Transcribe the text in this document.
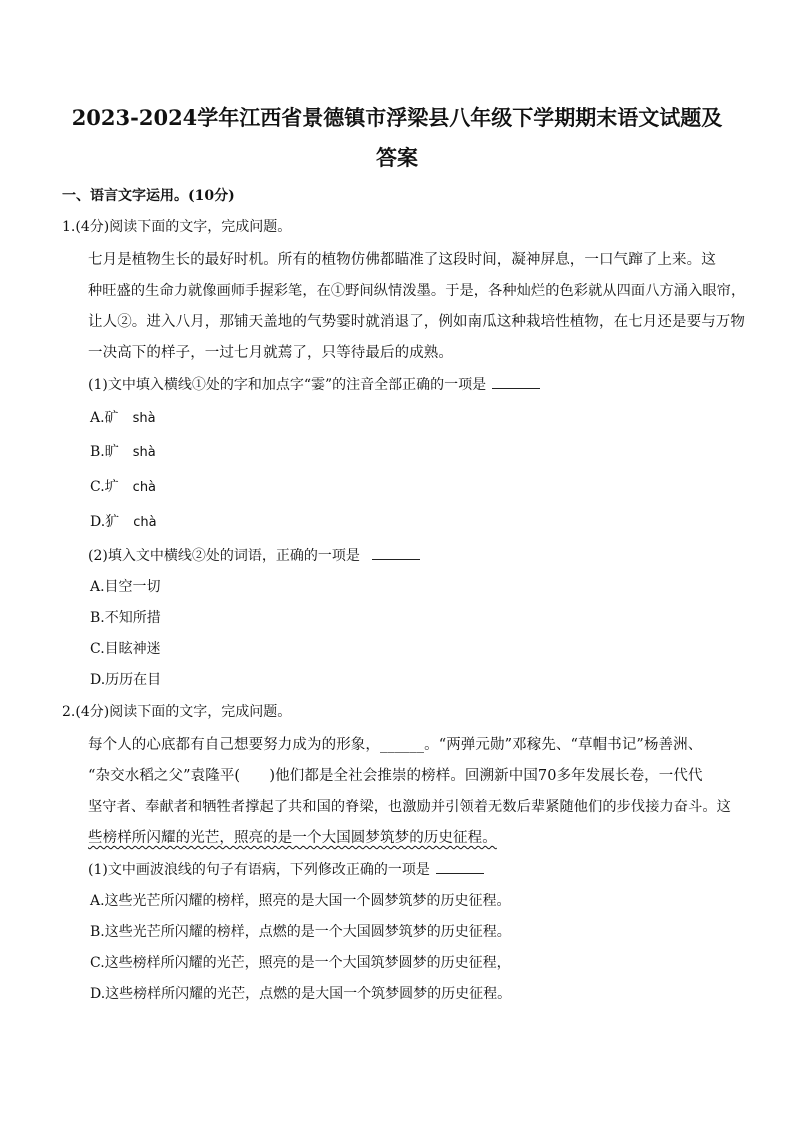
2023-2024学年江西省景德镇市浮梁县八年级下学期期末语文试题及
答案
一、语言文字运用。(10分)
1.(4分)阅读下面的文字，完成问题。
七月是植物生长的最好时机。所有的植物仿佛都瞄准了这段时间，凝神屏息，一口气蹿了上来。这
种旺盛的生命力就像画师手握彩笔，在①野间纵情泼墨。于是，各种灿烂的色彩就从四面八方涌入眼帘，
让人②。进入八月，那铺天盖地的气势霎时就消退了，例如南瓜这种栽培性植物，在七月还是要与万物
一决高下的样子，一过七月就蔫了，只等待最后的成熟。
(1)文中填入横线①处的字和加点字“霎”的注音全部正确的一项是
A.矿 shà
B.旷 shà
C.圹 chà
D.犷 chà
(2)填入文中横线②处的词语，正确的一项是
A.目空一切
B.不知所措
C.目眩神迷
D.历历在目
2.(4分)阅读下面的文字，完成问题。
每个人的心底都有自己想要努力成为的形象，______。“两弹元勋”邓稼先、“草帽书记”杨善洲、
“杂交水稻之父”袁隆平(　　)他们都是全社会推崇的榜样。回溯新中国70多年发展长卷，一代代
坚守者、奉献者和牺牲者撑起了共和国的脊梁，也激励并引领着无数后辈紧随他们的步伐接力奋斗。这
些榜样所闪耀的光芒，照亮的是一个大国圆梦筑梦的历史征程。
(1)文中画波浪线的句子有语病，下列修改正确的一项是
A.这些光芒所闪耀的榜样，照亮的是大国一个圆梦筑梦的历史征程。
B.这些光芒所闪耀的榜样，点燃的是一个大国圆梦筑梦的历史征程。
C.这些榜样所闪耀的光芒，照亮的是一个大国筑梦圆梦的历史征程，
D.这些榜样所闪耀的光芒，点燃的是大国一个筑梦圆梦的历史征程。
